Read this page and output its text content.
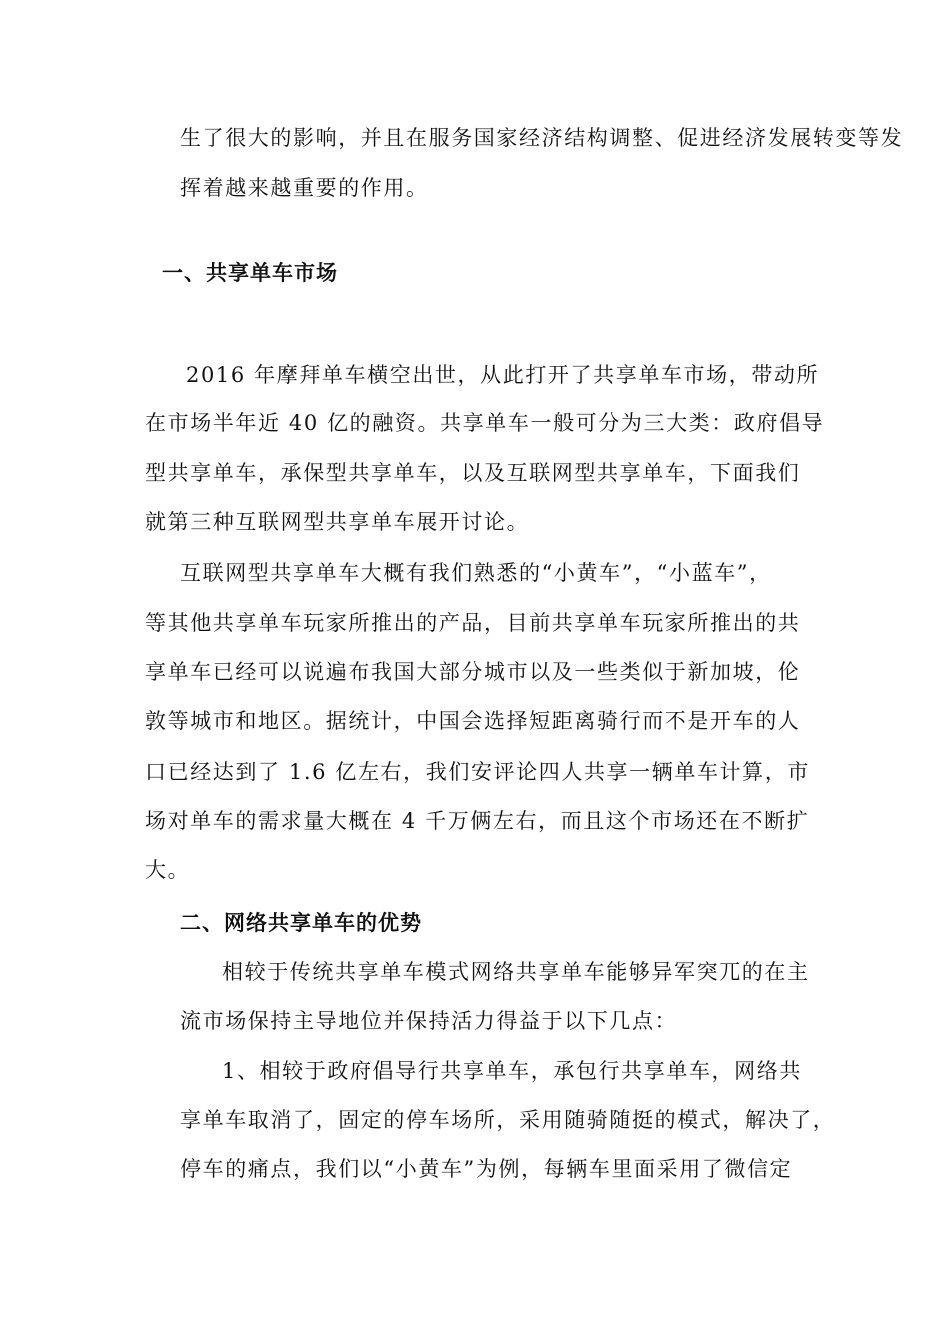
生了很大的影响，并且在服务国家经济结构调整、促进经济发展转变等发
挥着越来越重要的作用。
一、共享单车市场
2016 年摩拜单车横空出世，从此打开了共享单车市场，带动所
在市场半年近 40 亿的融资。共享单车一般可分为三大类：政府倡导
型共享单车，承保型共享单车，以及互联网型共享单车，下面我们
就第三种互联网型共享单车展开讨论。
互联网型共享单车大概有我们熟悉的“小黄车”，“小蓝车”，
等其他共享单车玩家所推出的产品，目前共享单车玩家所推出的共
享单车已经可以说遍布我国大部分城市以及一些类似于新加坡，伦
敦等城市和地区。据统计，中国会选择短距离骑行而不是开车的人
口已经达到了 1.6 亿左右，我们安评论四人共享一辆单车计算，市
场对单车的需求量大概在 4 千万俩左右，而且这个市场还在不断扩
大。
二、网络共享单车的优势
相较于传统共享单车模式网络共享单车能够异军突兀的在主
流市场保持主导地位并保持活力得益于以下几点：
1、相较于政府倡导行共享单车，承包行共享单车，网络共
享单车取消了，固定的停车场所，采用随骑随挺的模式，解决了，
停车的痛点，我们以“小黄车”为例，每辆车里面采用了微信定
